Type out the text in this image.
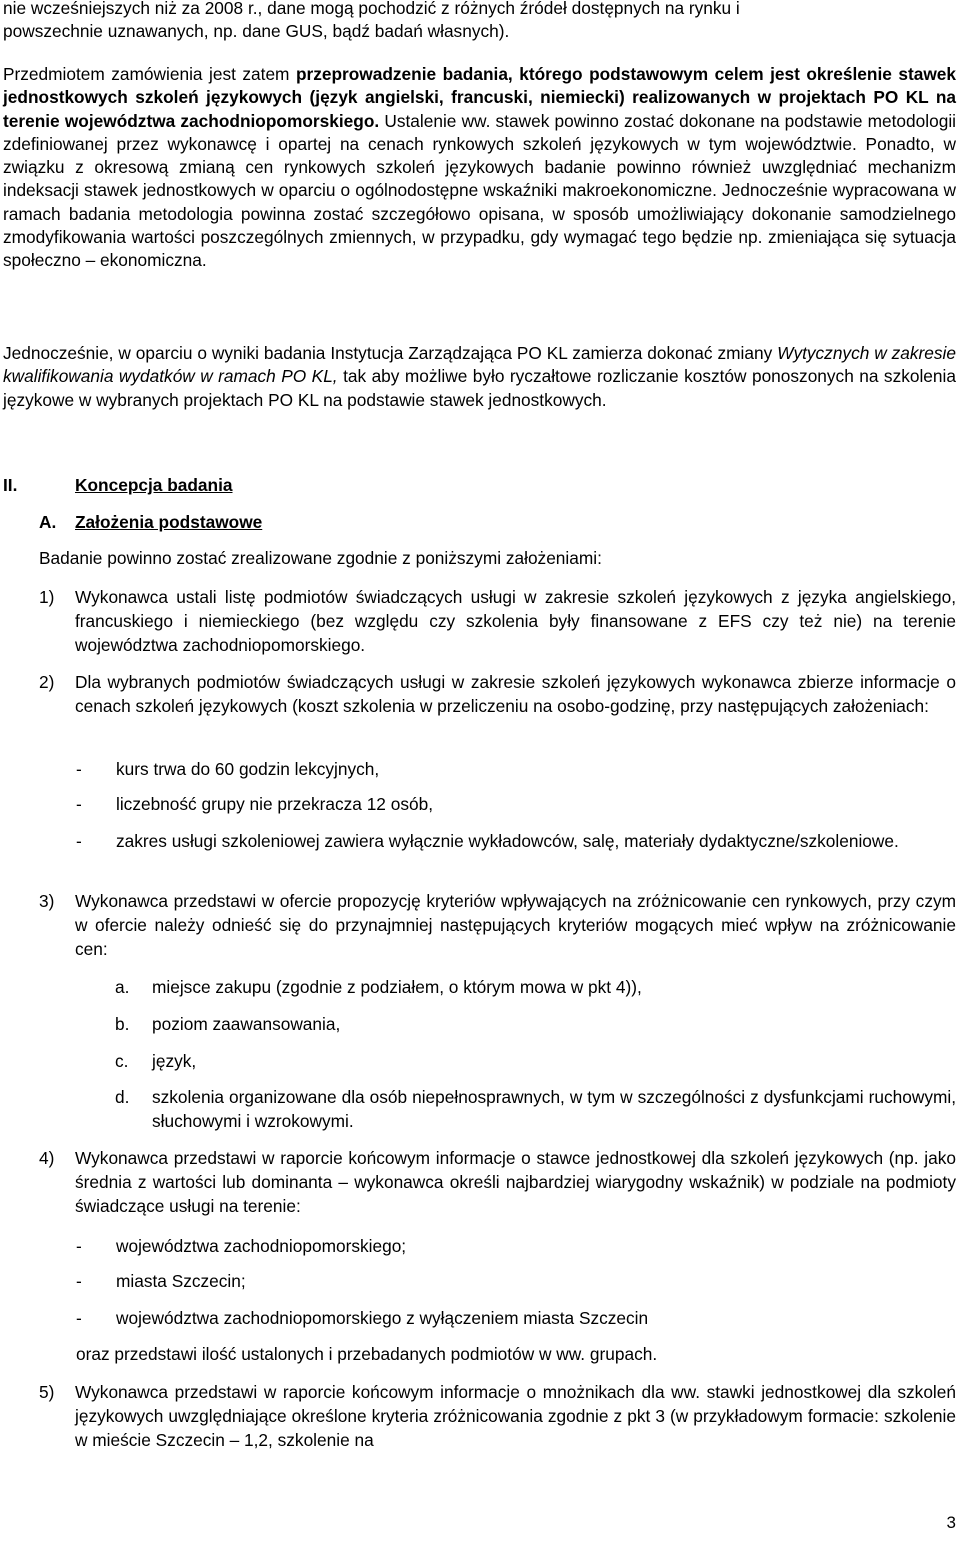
nie wcześniejszych niż za 2008 r., dane mogą pochodzić z różnych źródeł dostępnych na rynku i
powszechnie uznawanych, np. dane GUS, bądź badań własnych).

Przedmiotem zamówienia jest zatem przeprowadzenie badania, którego podstawowym celem jest określenie stawek jednostkowych szkoleń językowych (język angielski, francuski, niemiecki) realizowanych w projektach PO KL na terenie województwa zachodniopomorskiego. Ustalenie ww. stawek powinno zostać dokonane na podstawie metodologii zdefiniowanej przez wykonawcę i opartej na cenach rynkowych szkoleń językowych w tym województwie. Ponadto, w związku z okresową zmianą cen rynkowych szkoleń językowych badanie powinno również uwzględniać mechanizm indeksacji stawek jednostkowych w oparciu o ogólnodostępne wskaźniki makroekonomiczne. Jednocześnie wypracowana w ramach badania metodologia powinna zostać szczegółowo opisana, w sposób umożliwiający dokonanie samodzielnego zmodyfikowania wartości poszczególnych zmiennych, w przypadku, gdy wymagać tego będzie np. zmieniająca się sytuacja społeczno – ekonomiczna.

Jednocześnie, w oparciu o wyniki badania Instytucja Zarządzająca PO KL zamierza dokonać zmiany Wytycznych w zakresie kwalifikowania wydatków w ramach PO KL, tak aby możliwe było ryczałtowe rozliczanie kosztów ponoszonych na szkolenia językowe w wybranych projektach PO KL na podstawie stawek jednostkowych.

II.	Koncepcja badania
A. Założenia podstawowe
Badanie powinno zostać zrealizowane zgodnie z poniższymi założeniami:
1) Wykonawca ustali listę podmiotów świadczących usługi w zakresie szkoleń językowych z języka angielskiego, francuskiego i niemieckiego (bez względu czy szkolenia były finansowane z EFS czy też nie) na terenie województwa zachodniopomorskiego.
2) Dla wybranych podmiotów świadczących usługi w zakresie szkoleń językowych wykonawca zbierze informacje o cenach szkoleń językowych (koszt szkolenia w przeliczeniu na osobo-godzinę, przy następujących założeniach:
- kurs trwa do 60 godzin lekcyjnych,
- liczebność grupy nie przekracza 12 osób,
- zakres usługi szkoleniowej zawiera wyłącznie wykładowców, salę, materiały dydaktyczne/szkoleniowe.
3) Wykonawca przedstawi w ofercie propozycję kryteriów wpływających na zróżnicowanie cen rynkowych, przy czym w ofercie należy odnieść się do przynajmniej następujących kryteriów mogących mieć wpływ na zróżnicowanie cen:
a. miejsce zakupu (zgodnie z podziałem, o którym mowa w pkt 4)),
b. poziom zaawansowania,
c. język,
d. szkolenia organizowane dla osób niepełnosprawnych, w tym w szczególności z dysfunkcjami ruchowymi, słuchowymi i wzrokowymi.
4) Wykonawca przedstawi w raporcie końcowym informacje o stawce jednostkowej dla szkoleń językowych (np. jako średnia z wartości lub dominanta – wykonawca określi najbardziej wiarygodny wskaźnik) w podziale na podmioty świadczące usługi na terenie:
- województwa zachodniopomorskiego;
- miasta Szczecin;
- województwa zachodniopomorskiego z wyłączeniem miasta Szczecin
oraz przedstawi ilość ustalonych i przebadanych podmiotów w ww. grupach.
5) Wykonawca przedstawi w raporcie końcowym informacje o mnożnikach dla ww. stawki jednostkowej dla szkoleń językowych uwzględniające określone kryteria zróżnicowania zgodnie z pkt 3 (w przykładowym formacie: szkolenie w mieście Szczecin – 1,2, szkolenie na
3
